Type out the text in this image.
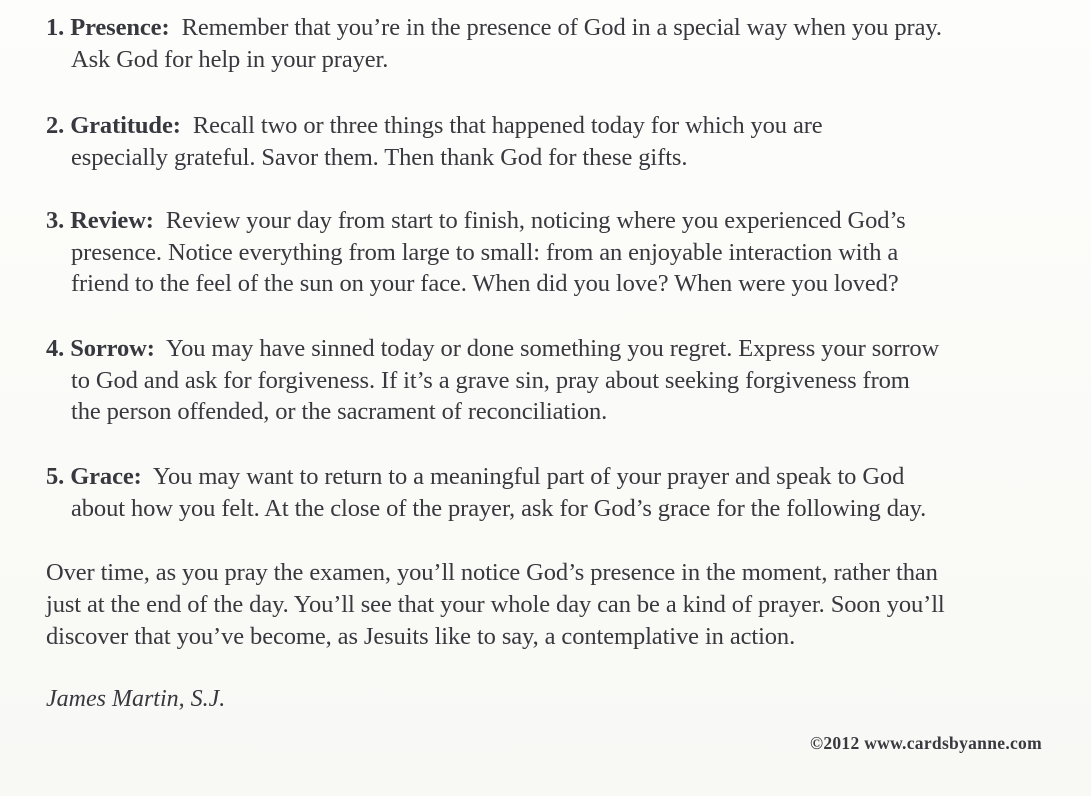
1. Presence: Remember that you’re in the presence of God in a special way when you pray.
Ask God for help in your prayer.
2. Gratitude: Recall two or three things that happened today for which you are
especially grateful. Savor them. Then thank God for these gifts.
3. Review: Review your day from start to finish, noticing where you experienced God’s
presence. Notice everything from large to small: from an enjoyable interaction with a
friend to the feel of the sun on your face. When did you love? When were you loved?
4. Sorrow: You may have sinned today or done something you regret. Express your sorrow
to God and ask for forgiveness. If it’s a grave sin, pray about seeking forgiveness from
the person offended, or the sacrament of reconciliation.
5. Grace: You may want to return to a meaningful part of your prayer and speak to God
about how you felt. At the close of the prayer, ask for God’s grace for the following day.
Over time, as you pray the examen, you’ll notice God’s presence in the moment, rather than
just at the end of the day. You’ll see that your whole day can be a kind of prayer. Soon you’ll
discover that you’ve become, as Jesuits like to say, a contemplative in action.
James Martin, S.J.
©2012 www.cardsbyanne.com
